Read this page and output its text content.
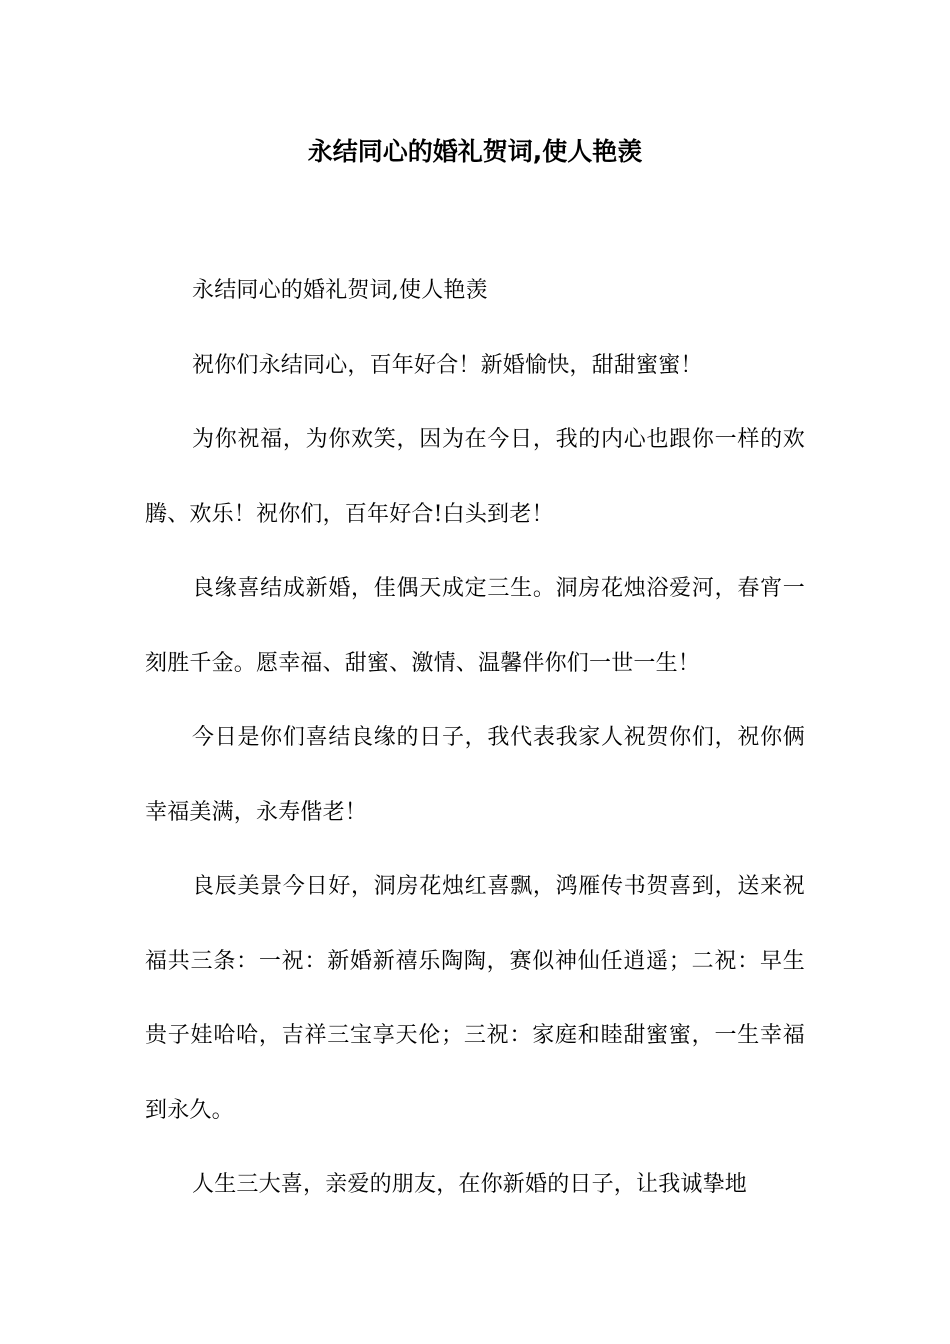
永结同心的婚礼贺词,使人艳羡

永结同心的婚礼贺词,使人艳羡

祝你们永结同心，百年好合！新婚愉快，甜甜蜜蜜！

为你祝福，为你欢笑，因为在今日，我的内心也跟你一样的欢腾、欢乐！祝你们，百年好合!白头到老！

良缘喜结成新婚，佳偶天成定三生。洞房花烛浴爱河，春宵一刻胜千金。愿幸福、甜蜜、激情、温馨伴你们一世一生！

今日是你们喜结良缘的日子，我代表我家人祝贺你们，祝你俩幸福美满，永寿偕老！

良辰美景今日好，洞房花烛红喜飘，鸿雁传书贺喜到，送来祝福共三条：一祝：新婚新禧乐陶陶，赛似神仙任逍遥；二祝：早生贵子娃哈哈，吉祥三宝享天伦；三祝：家庭和睦甜蜜蜜，一生幸福到永久。

人生三大喜，亲爱的朋友，在你新婚的日子，让我诚挚地
